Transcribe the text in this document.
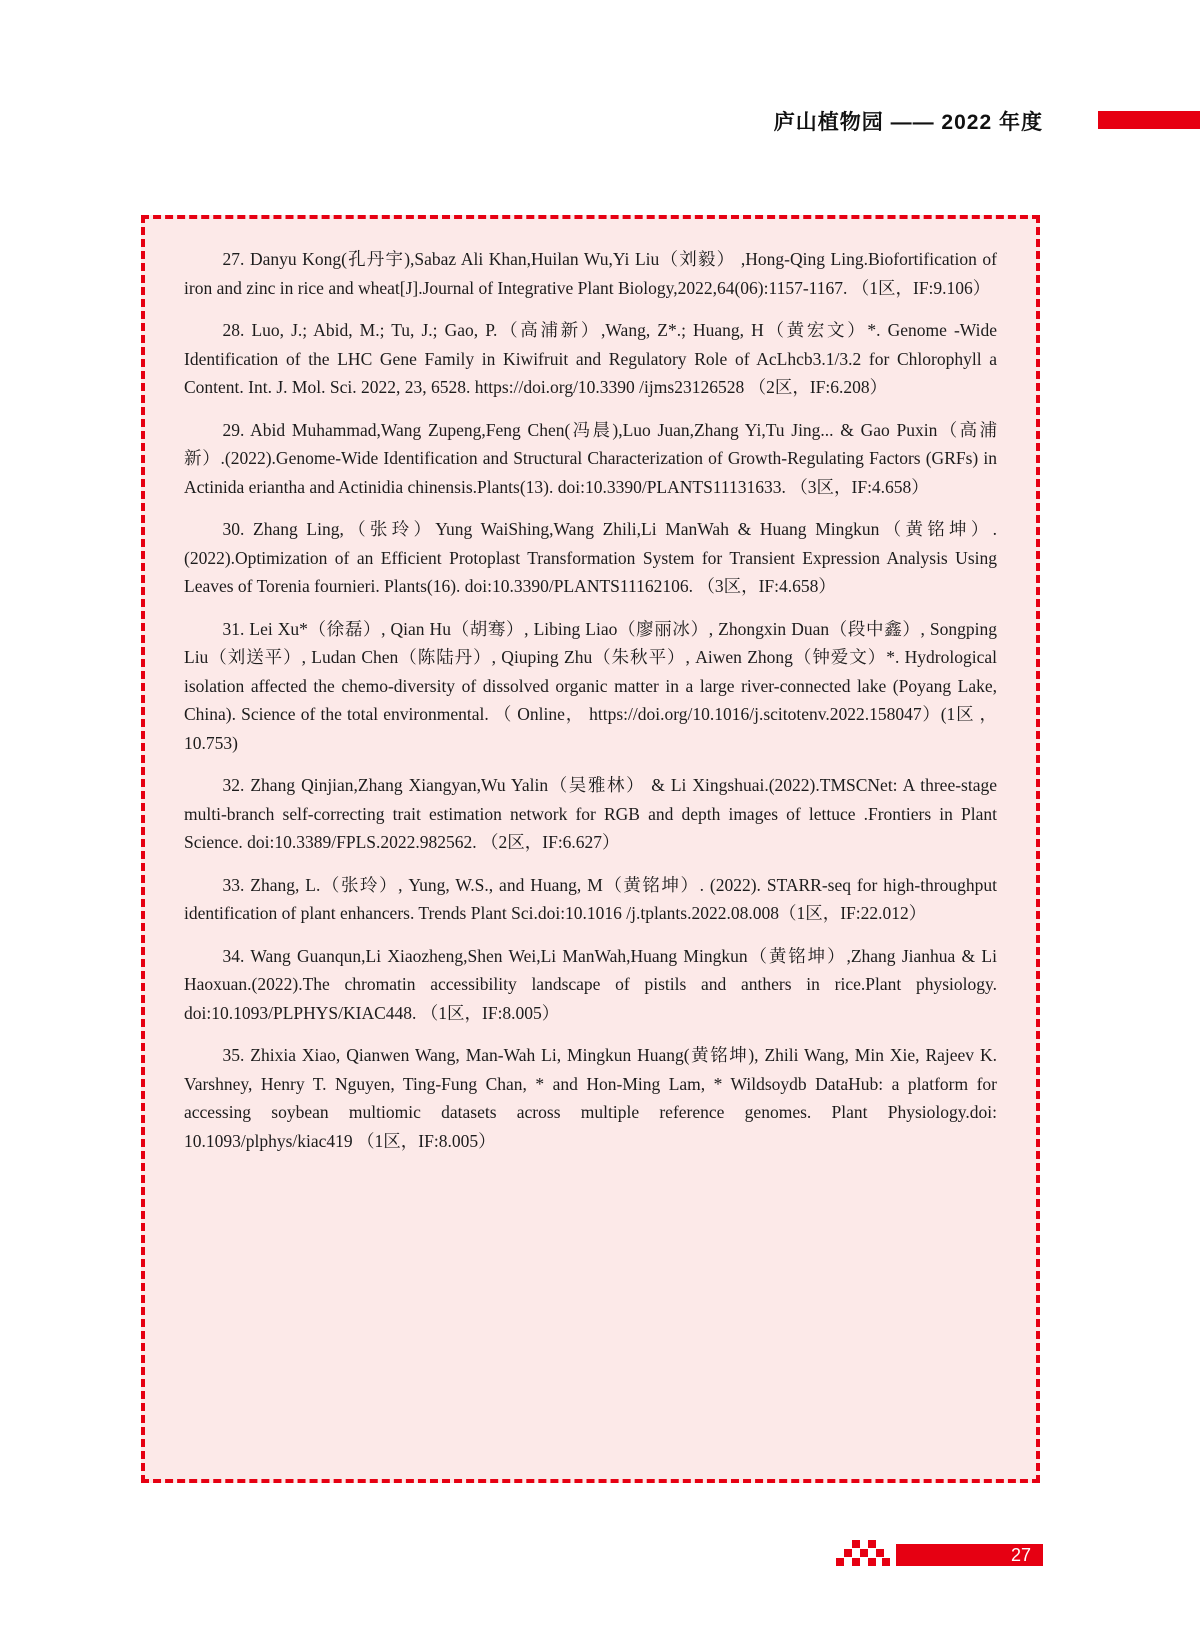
庐山植物园 —— 2022 年度

27. Danyu Kong(孔丹宇),Sabaz Ali Khan,Huilan Wu,Yi Liu（刘毅） ,Hong-Qing Ling.Biofortification of iron and zinc in rice and wheat[J].Journal of Integrative Plant Biology,2022,64(06):1157-1167. （1区，IF:9.106）

28. Luo, J.; Abid, M.; Tu, J.; Gao, P.（高浦新）,Wang, Z*.; Huang, H（黄宏文）*. Genome -Wide Identification of the LHC Gene Family in Kiwifruit and Regulatory Role of AcLhcb3.1/3.2 for Chlorophyll a Content. Int. J. Mol. Sci. 2022, 23, 6528. https://doi.org/10.3390 /ijms23126528 （2区，IF:6.208）

29. Abid Muhammad,Wang Zupeng,Feng Chen(冯晨),Luo Juan,Zhang Yi,Tu Jing... & Gao Puxin（高浦新）.(2022).Genome-Wide Identification and Structural Characterization of Growth-Regulating Factors (GRFs) in Actinida eriantha and Actinidia chinensis.Plants(13). doi:10.3390/PLANTS11131633. （3区，IF:4.658）

30. Zhang Ling,（张玲）Yung WaiShing,Wang Zhili,Li ManWah & Huang Mingkun（黄铭坤）.(2022).Optimization of an Efficient Protoplast Transformation System for Transient Expression Analysis Using Leaves of Torenia fournieri. Plants(16). doi:10.3390/PLANTS11162106. （3区，IF:4.658）

31. Lei Xu*（徐磊）, Qian Hu（胡骞）, Libing Liao（廖丽冰）, Zhongxin Duan（段中鑫）, Songping Liu（刘送平）, Ludan Chen（陈陆丹）, Qiuping Zhu（朱秋平）, Aiwen Zhong（钟爱文）*. Hydrological isolation affected the chemo-diversity of dissolved organic matter in a large river-connected lake (Poyang Lake, China). Science of the total environmental. （ Online， https://doi.org/10.1016/j.scitotenv.2022.158047）(1区 ，10.753)

32. Zhang Qinjian,Zhang Xiangyan,Wu Yalin（吴雅林） & Li Xingshuai.(2022).TMSCNet: A three-stage multi-branch self-correcting trait estimation network for RGB and depth images of lettuce .Frontiers in Plant Science. doi:10.3389/FPLS.2022.982562. （2区，IF:6.627）

33. Zhang, L.（张玲）, Yung, W.S., and Huang, M（黄铭坤）. (2022). STARR-seq for high-throughput identification of plant enhancers. Trends Plant Sci.doi:10.1016 /j.tplants.2022.08.008（1区，IF:22.012）

34. Wang Guanqun,Li Xiaozheng,Shen Wei,Li ManWah,Huang Mingkun（黄铭坤）,Zhang Jianhua & Li Haoxuan.(2022).The chromatin accessibility landscape of pistils and anthers in rice.Plant physiology. doi:10.1093/PLPHYS/KIAC448. （1区，IF:8.005）

35. Zhixia Xiao, Qianwen Wang, Man-Wah Li, Mingkun Huang(黄铭坤), Zhili Wang, Min Xie, Rajeev K. Varshney, Henry T. Nguyen, Ting-Fung Chan, * and Hon-Ming Lam, * Wildsoydb DataHub: a platform for accessing soybean multiomic datasets across multiple reference genomes. Plant Physiology.doi: 10.1093/plphys/kiac419 （1区，IF:8.005）

27
